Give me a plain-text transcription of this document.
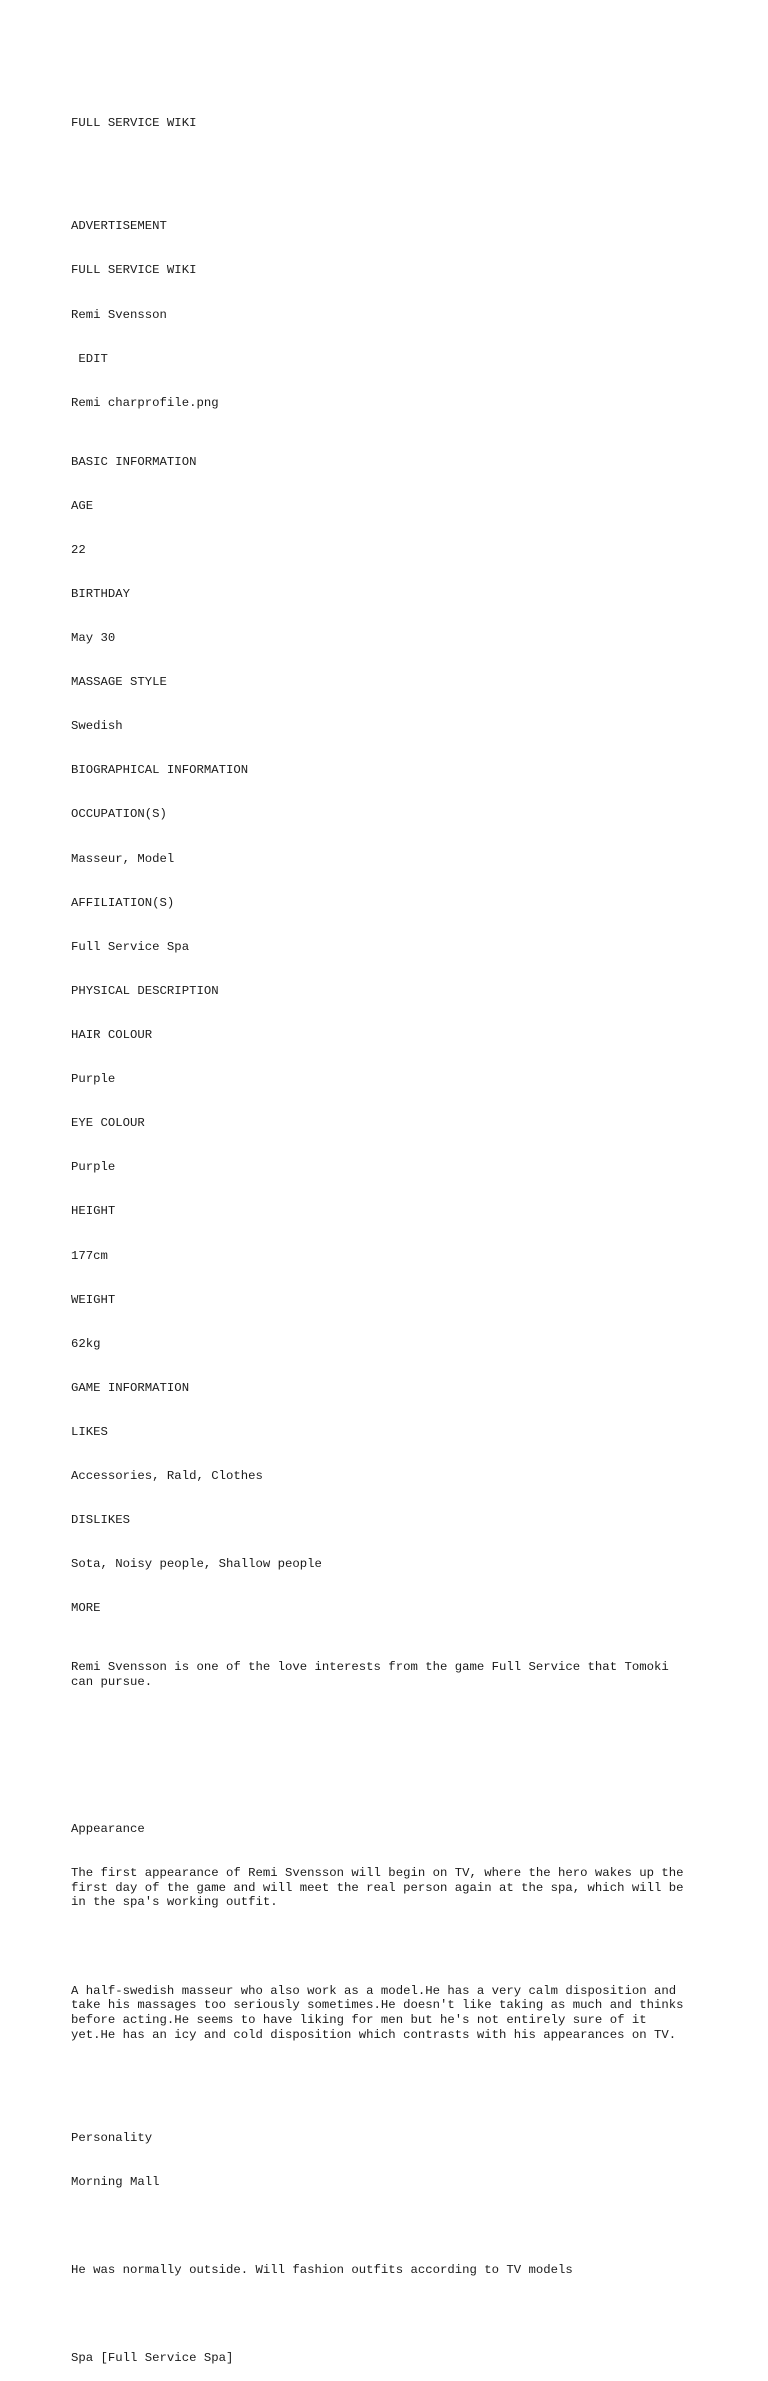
FULL SERVICE WIKI

ADVERTISEMENT

FULL SERVICE WIKI

Remi Svensson

EDIT

Remi charprofile.png

BASIC INFORMATION

AGE

22

BIRTHDAY

May 30

MASSAGE STYLE

Swedish

BIOGRAPHICAL INFORMATION

OCCUPATION(S)

Masseur, Model

AFFILIATION(S)

Full Service Spa

PHYSICAL DESCRIPTION

HAIR COLOUR

Purple

EYE COLOUR

Purple

HEIGHT

177cm

WEIGHT

62kg

GAME INFORMATION

LIKES

Accessories, Rald, Clothes

DISLIKES

Sota, Noisy people, Shallow people

MORE

Remi Svensson is one of the love interests from the game Full Service that Tomoki
can pursue.

Appearance

The first appearance of Remi Svensson will begin on TV, where the hero wakes up the
first day of the game and will meet the real person again at the spa, which will be
in the spa's working outfit.

A half-swedish masseur who also work as a model.He has a very calm disposition and
take his massages too seriously sometimes.He doesn't like taking as much and thinks
before acting.He seems to have liking for men but he's not entirely sure of it
yet.He has an icy and cold disposition which contrasts with his appearances on TV.

Personality

Morning Mall

He was normally outside. Will fashion outfits according to TV models

Spa [Full Service Spa]
